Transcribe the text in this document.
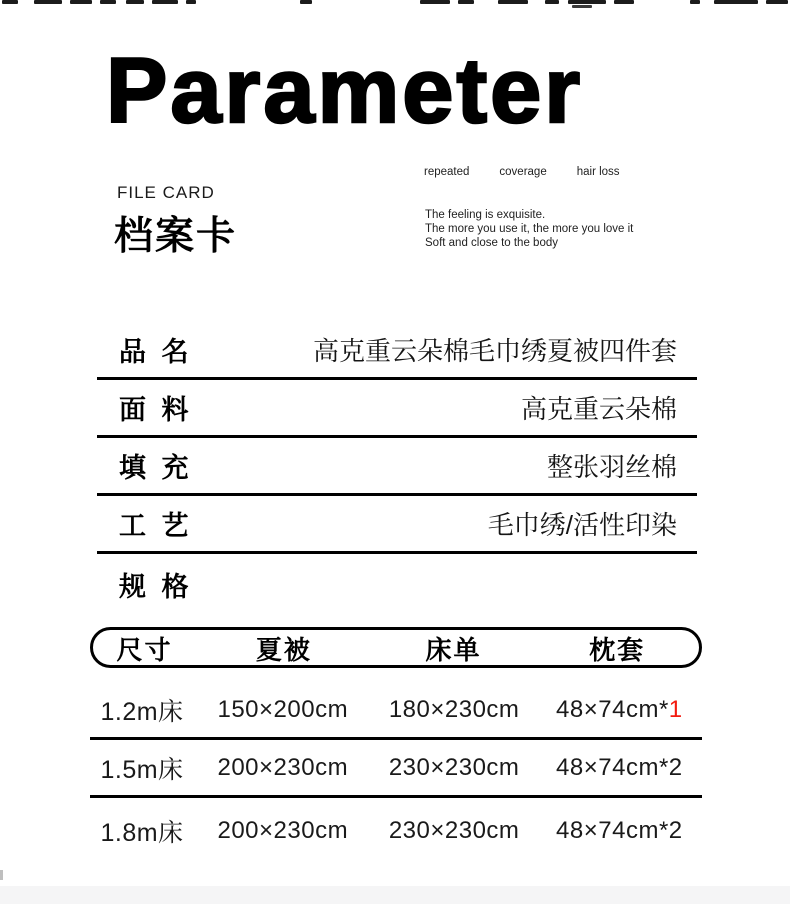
Parameter
FILE CARD
档案卡
repeated	coverage	hair loss
The feeling is exquisite.
The more you use it, the more you love it
Soft and close to the body
品 名	高克重云朵棉毛巾绣夏被四件套
面 料	高克重云朵棉
填 充	整张羽丝棉
工 艺	毛巾绣/活性印染
规 格
尺寸	夏被	床单	枕套
1.2m床	150×200cm	180×230cm	48×74cm*1
1.5m床	200×230cm	230×230cm	48×74cm*2
1.8m床	200×230cm	230×230cm	48×74cm*2
